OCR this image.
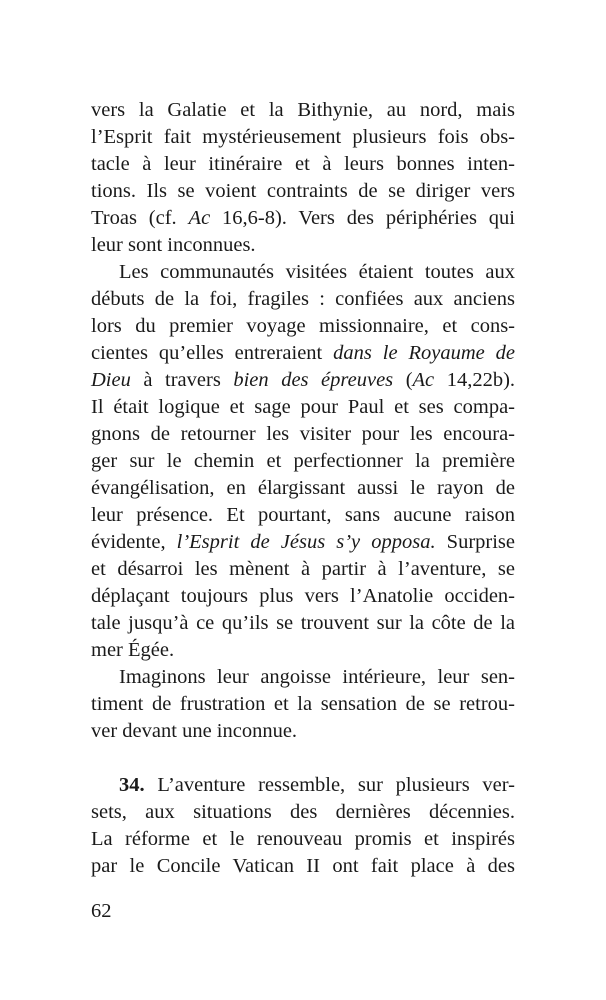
vers la Galatie et la Bithynie, au nord, mais
l’Esprit fait mystérieusement plusieurs fois obs-
tacle à leur itinéraire et à leurs bonnes inten-
tions. Ils se voient contraints de se diriger vers
Troas (cf. Ac 16,6-8). Vers des périphéries qui
leur sont inconnues.
Les communautés visitées étaient toutes aux
débuts de la foi, fragiles : confiées aux anciens
lors du premier voyage missionnaire, et cons-
cientes qu’elles entreraient dans le Royaume de
Dieu à travers bien des épreuves (Ac 14,22b).
Il était logique et sage pour Paul et ses compa-
gnons de retourner les visiter pour les encoura-
ger sur le chemin et perfectionner la première
évangélisation, en élargissant aussi le rayon de
leur présence. Et pourtant, sans aucune raison
évidente, l’Esprit de Jésus s’y opposa. Surprise
et désarroi les mènent à partir à l’aventure, se
déplaçant toujours plus vers l’Anatolie occiden-
tale jusqu’à ce qu’ils se trouvent sur la côte de la
mer Égée.
Imaginons leur angoisse intérieure, leur sen-
timent de frustration et la sensation de se retrou-
ver devant une inconnue.
34. L’aventure ressemble, sur plusieurs ver-
sets, aux situations des dernières décennies.
La réforme et le renouveau promis et inspirés
par le Concile Vatican II ont fait place à des
62
